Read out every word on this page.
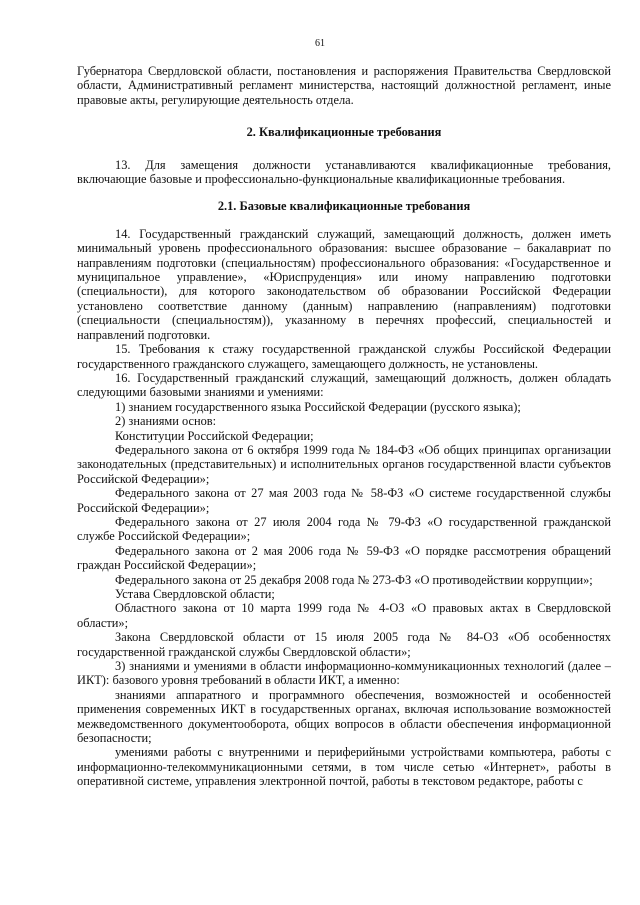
61

Губернатора Свердловской области, постановления и распоряжения Правительства Свердловской области, Административный регламент министерства, настоящий должностной регламент, иные правовые акты, регулирующие деятельность отдела.

2. Квалификационные требования

13. Для замещения должности устанавливаются квалификационные требования, включающие базовые и профессионально-функциональные квалификационные требования.

2.1. Базовые квалификационные требования

14. Государственный гражданский служащий, замещающий должность, должен иметь минимальный уровень профессионального образования: высшее образование – бакалавриат по направлениям подготовки (специальностям) профессионального образования: «Государственное и муниципальное управление», «Юриспруденция» или иному направлению подготовки (специальности), для которого законодательством об образовании Российской Федерации установлено соответствие данному (данным) направлению (направлениям) подготовки (специальности (специальностям)), указанному в перечнях профессий, специальностей и направлений подготовки.

15. Требования к стажу государственной гражданской службы Российской Федерации государственного гражданского служащего, замещающего должность, не установлены.

16. Государственный гражданский служащий, замещающий должность, должен обладать следующими базовыми знаниями и умениями:

1) знанием государственного языка Российской Федерации (русского языка);

2) знаниями основ:

Конституции Российской Федерации;

Федерального закона от 6 октября 1999 года № 184-ФЗ «Об общих принципах организации законодательных (представительных) и исполнительных органов государственной власти субъектов Российской Федерации»;

Федерального закона от 27 мая 2003 года № 58-ФЗ «О системе государственной службы Российской Федерации»;

Федерального закона от 27 июля 2004 года № 79-ФЗ «О государственной гражданской службе Российской Федерации»;

Федерального закона от 2 мая 2006 года № 59-ФЗ «О порядке рассмотрения обращений граждан Российской Федерации»;

Федерального закона от 25 декабря 2008 года № 273-ФЗ «О противодействии коррупции»;

Устава Свердловской области;

Областного закона от 10 марта 1999 года № 4-ОЗ «О правовых актах в Свердловской области»;

Закона Свердловской области от 15 июля 2005 года № 84-ОЗ «Об особенностях государственной гражданской службы Свердловской области»;

3) знаниями и умениями в области информационно-коммуникационных технологий (далее – ИКТ): базового уровня требований в области ИКТ, а именно:

знаниями аппаратного и программного обеспечения, возможностей и особенностей применения современных ИКТ в государственных органах, включая использование возможностей межведомственного документооборота, общих вопросов в области обеспечения информационной безопасности;

умениями работы с внутренними и периферийными устройствами компьютера, работы с информационно-телекоммуникационными сетями, в том числе сетью «Интернет», работы в оперативной системе, управления электронной почтой, работы в текстовом редакторе, работы с
